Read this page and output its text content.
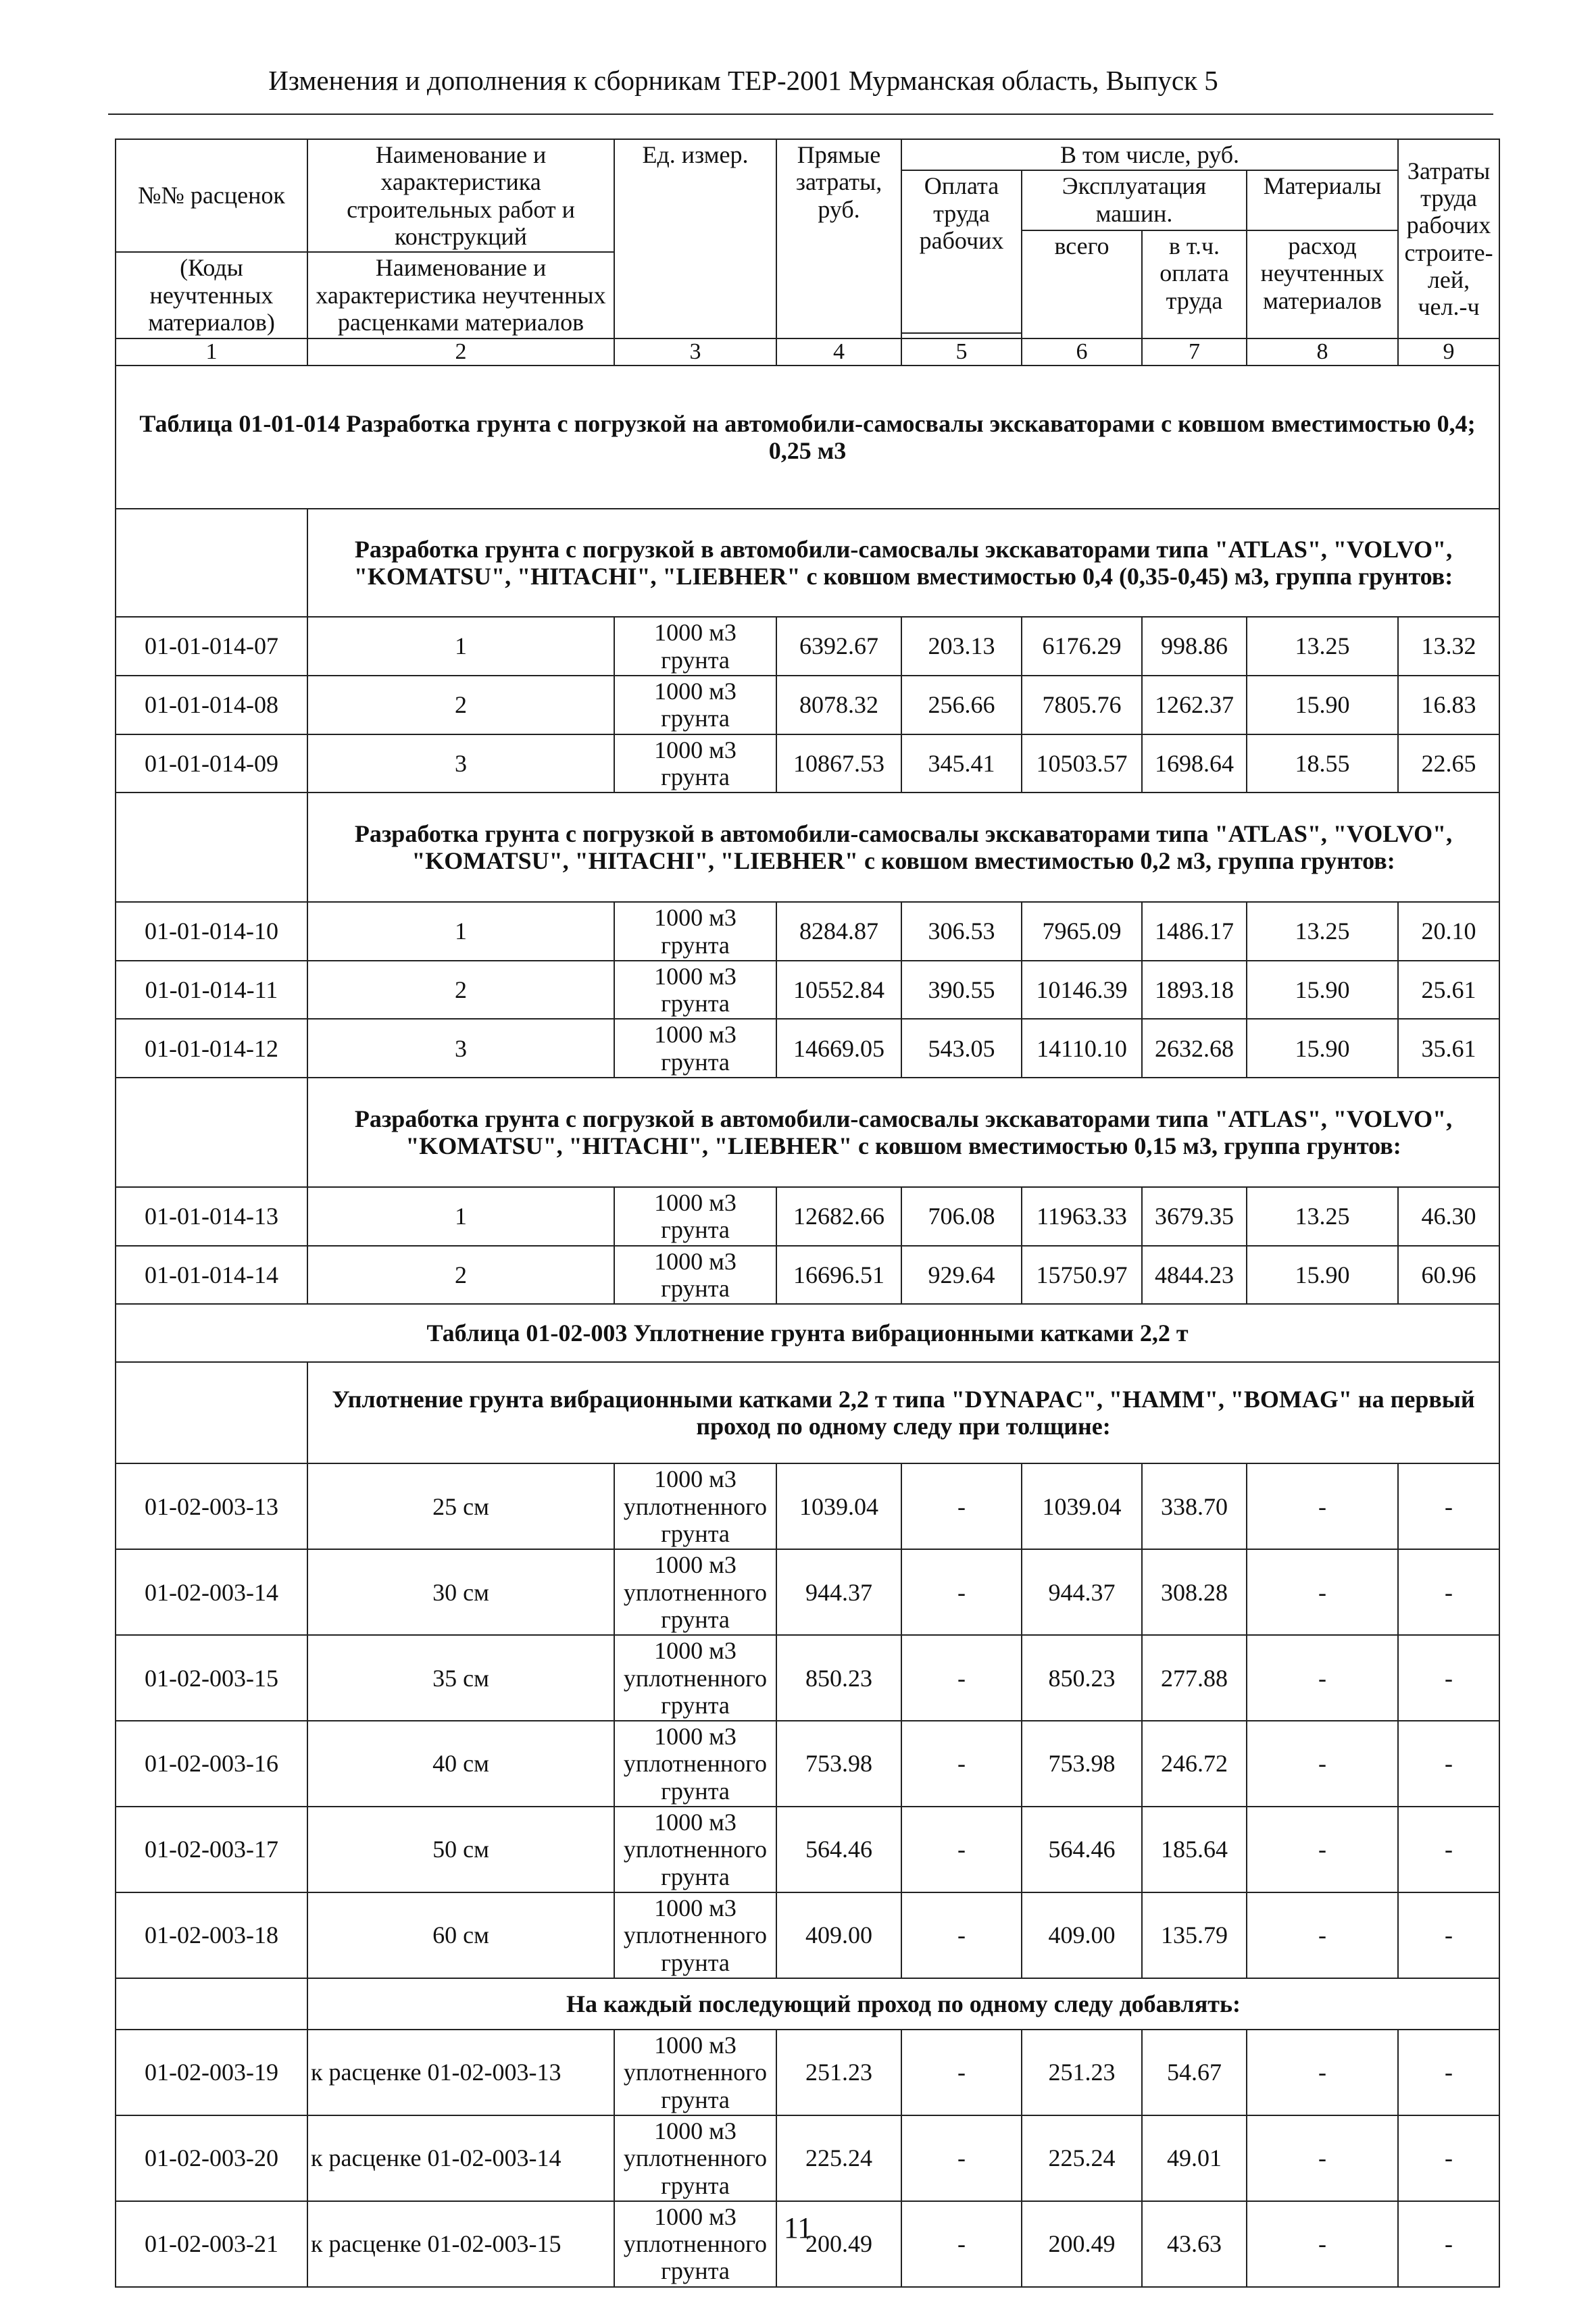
Изменения и дополнения к сборникам ТЕР-2001 Мурманская область, Выпуск 5
№№ расценок	Наименование и характеристика строительных работ и конструкций	Ед. измер.	Прямые затраты, руб.	В том числе, руб.				Затраты труда рабочих строите-лей, чел.-ч
				Оплата труда рабочих	Эксплуатация машин.		Материалы	
					всего	в т.ч. оплата труда	расход неучтенных материалов	
(Коды неучтенных материалов)	Наименование и характеристика неучтенных расценками материалов							

1	2	3	4	5	6	7	8	9
Таблица 01-01-014 Разработка грунта с погрузкой на автомобили-самосвалы экскаваторами с ковшом вместимостью 0,4; 0,25 м3								
	Разработка грунта с погрузкой в автомобили-самосвалы экскаваторами типа "ATLAS", "VOLVO", "KOMATSU", "HITACHI", "LIEBHER" с ковшом вместимостью 0,4 (0,35-0,45) м3, группа грунтов:							
01-01-014-07	1	1000 м3 грунта	6392.67	203.13	6176.29	998.86	13.25	13.32
01-01-014-08	2	1000 м3 грунта	8078.32	256.66	7805.76	1262.37	15.90	16.83
01-01-014-09	3	1000 м3 грунта	10867.53	345.41	10503.57	1698.64	18.55	22.65
	Разработка грунта с погрузкой в автомобили-самосвалы экскаваторами типа "ATLAS", "VOLVO", "KOMATSU", "HITACHI", "LIEBHER" с ковшом вместимостью 0,2 м3, группа грунтов:							
01-01-014-10	1	1000 м3 грунта	8284.87	306.53	7965.09	1486.17	13.25	20.10
01-01-014-11	2	1000 м3 грунта	10552.84	390.55	10146.39	1893.18	15.90	25.61
01-01-014-12	3	1000 м3 грунта	14669.05	543.05	14110.10	2632.68	15.90	35.61
	Разработка грунта с погрузкой в автомобили-самосвалы экскаваторами типа "ATLAS", "VOLVO", "KOMATSU", "HITACHI", "LIEBHER" с ковшом вместимостью 0,15 м3, группа грунтов:							
01-01-014-13	1	1000 м3 грунта	12682.66	706.08	11963.33	3679.35	13.25	46.30
01-01-014-14	2	1000 м3 грунта	16696.51	929.64	15750.97	4844.23	15.90	60.96
Таблица 01-02-003 Уплотнение грунта вибрационными катками 2,2 т								
	Уплотнение грунта вибрационными катками 2,2 т типа "DYNAPAC", "HAMM", "BOMAG" на первый проход по одному следу при толщине:							
01-02-003-13	25 см	1000 м3 уплотненного грунта	1039.04	-	1039.04	338.70	-	-
01-02-003-14	30 см	1000 м3 уплотненного грунта	944.37	-	944.37	308.28	-	-
01-02-003-15	35 см	1000 м3 уплотненного грунта	850.23	-	850.23	277.88	-	-
01-02-003-16	40 см	1000 м3 уплотненного грунта	753.98	-	753.98	246.72	-	-
01-02-003-17	50 см	1000 м3 уплотненного грунта	564.46	-	564.46	185.64	-	-
01-02-003-18	60 см	1000 м3 уплотненного грунта	409.00	-	409.00	135.79	-	-
	На каждый последующий проход по одному следу добавлять:							
01-02-003-19	к расценке 01-02-003-13	1000 м3 уплотненного грунта	251.23	-	251.23	54.67	-	-
01-02-003-20	к расценке 01-02-003-14	1000 м3 уплотненного грунта	225.24	-	225.24	49.01	-	-
01-02-003-21	к расценке 01-02-003-15	1000 м3 уплотненного грунта	200.49	-	200.49	43.63	-	-
11
